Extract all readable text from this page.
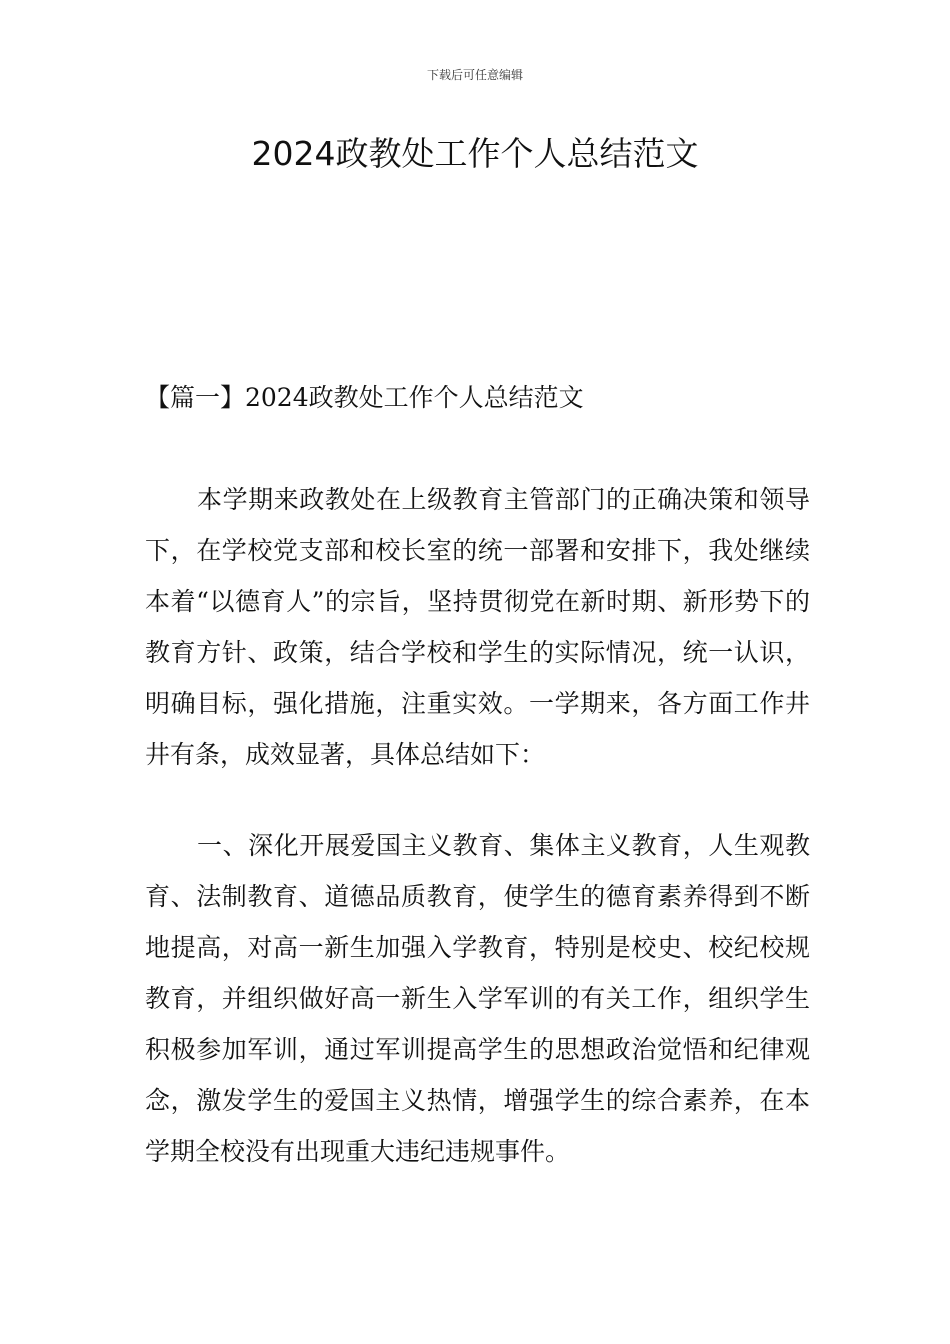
下载后可任意编辑
2024政教处工作个人总结范文
【篇一】2024政教处工作个人总结范文

本学期来政教处在上级教育主管部门的正确决策和领导下，在学校党支部和校长室的统一部署和安排下，我处继续本着“以德育人”的宗旨，坚持贯彻党在新时期、新形势下的教育方针、政策，结合学校和学生的实际情况，统一认识，明确目标，强化措施，注重实效。一学期来，各方面工作井井有条，成效显著，具体总结如下：

一、深化开展爱国主义教育、集体主义教育，人生观教育、法制教育、道德品质教育，使学生的德育素养得到不断地提高，对高一新生加强入学教育，特别是校史、校纪校规教育，并组织做好高一新生入学军训的有关工作，组织学生积极参加军训，通过军训提高学生的思想政治觉悟和纪律观念，激发学生的爱国主义热情，增强学生的综合素养，在本学期全校没有出现重大违纪违规事件。
